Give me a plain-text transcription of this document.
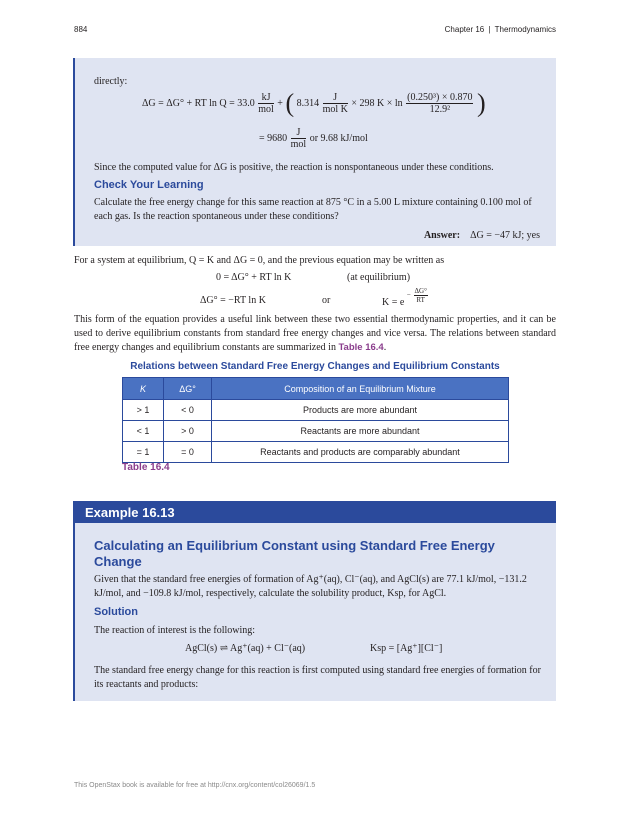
884	Chapter 16 | Thermodynamics
directly:
ΔG = ΔG° + RT $\ln Q = 33.0 \frac{kJ}{\text{mol}}$ + ( $8.314 \frac{J}{\text{mol K}} \times 298$ $K \times \ln \frac{\text{(0.250³) × 0.870}}{\text{12.9²}}$ )
= $9680 \frac{J}{\text{mol}}$ or 9.68 kJ/mol
Since the computed value for ΔG is positive, the reaction is nonspontaneous under these conditions.
Check Your Learning
Calculate the free energy change for this same reaction at 875 °C in a 5.00 L mixture containing 0.100 mol of each gas. Is the reaction spontaneous under these conditions?
Answer: ΔG = −47 kJ; yes
For a system at equilibrium, Q = K and ΔG = 0, and the previous equation may be written as
0 = ΔG° + RT ln K	(at equilibrium)
ΔG° = −RT ln K	or	$K = e - \frac{\Delta G^\circ}{RT}$
This form of the equation provides a useful link between these two essential thermodynamic properties, and it can be used to derive equilibrium constants from standard free energy changes and vice versa. The relations between standard free energy changes and equilibrium constants are summarized in Table 16.4.
Relations between Standard Free Energy Changes and Equilibrium Constants
K	ΔG°	Composition of an Equilibrium Mixture
> 1	< 0	Products are more abundant
< 1	> 0	Reactants are more abundant
= 1	= 0	Reactants and products are comparably abundant
Table 16.4
Example 16.13
Calculating an Equilibrium Constant using Standard Free Energy Change
Given that the standard free energies of formation of Ag⁺(aq), Cl⁻(aq), and AgCl(s) are 77.1 kJ/mol, −131.2 kJ/mol, and −109.8 kJ/mol, respectively, calculate the solubility product, Ksp, for AgCl.
Solution
The reaction of interest is the following:
AgCl(s) ⇌ Ag⁺(aq) + Cl⁻(aq)	Ksp = [Ag⁺][Cl⁻]
The standard free energy change for this reaction is first computed using standard free energies of formation for its reactants and products:
This OpenStax book is available for free at http://cnx.org/content/col26069/1.5
